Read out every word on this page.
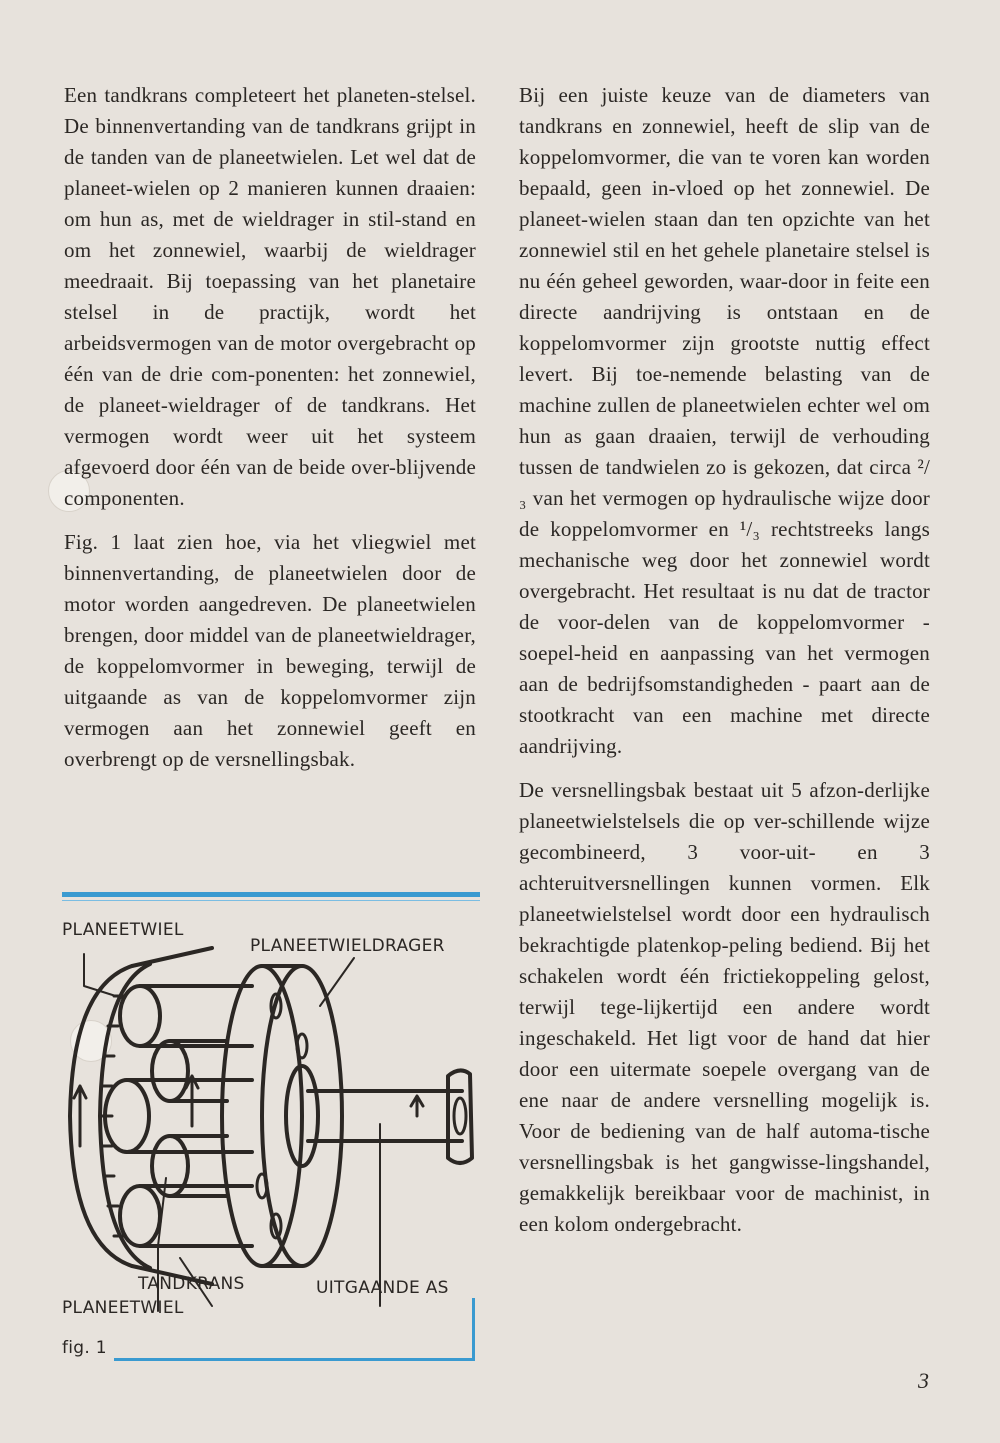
Een tandkrans completeert het planeten-stelsel. De binnenvertanding van de tandkrans grijpt in de tanden van de planeetwielen. Let wel dat de planeet-wielen op 2 manieren kunnen draaien: om hun as, met de wieldrager in stil-stand en om het zonnewiel, waarbij de wieldrager meedraait. Bij toepassing van het planetaire stelsel in de practijk, wordt het arbeidsvermogen van de motor overgebracht op één van de drie com-ponenten: het zonnewiel, de planeet-wieldrager of de tandkrans. Het vermogen wordt weer uit het systeem afgevoerd door één van de beide over-blijvende componenten.

Fig. 1 laat zien hoe, via het vliegwiel met binnenvertanding, de planeetwielen door de motor worden aangedreven. De planeetwielen brengen, door middel van de planeetwieldrager, de koppelomvormer in beweging, terwijl de uitgaande as van de koppelomvormer zijn vermogen aan het zonnewiel geeft en overbrengt op de versnellingsbak.

Bij een juiste keuze van de diameters van tandkrans en zonnewiel, heeft de slip van de koppelomvormer, die van te voren kan worden bepaald, geen in-vloed op het zonnewiel. De planeet-wielen staan dan ten opzichte van het zonnewiel stil en het gehele planetaire stelsel is nu één geheel geworden, waar-door in feite een directe aandrijving is ontstaan en de koppelomvormer zijn grootste nuttig effect levert. Bij toe-nemende belasting van de machine zullen de planeetwielen echter wel om hun as gaan draaien, terwijl de verhouding tussen de tandwielen zo is gekozen, dat circa ²/₃ van het vermogen op hydraulische wijze door de koppelomvormer en ¹/₃ rechtstreeks langs mechanische weg door het zonnewiel wordt overgebracht. Het resultaat is nu dat de tractor de voor-delen van de koppelomvormer - soepel-heid en aanpassing van het vermogen aan de bedrijfsomstandigheden - paart aan de stootkracht van een machine met directe aandrijving.

De versnellingsbak bestaat uit 5 afzon-derlijke planeetwielstelsels die op ver-schillende wijze gecombineerd, 3 voor-uit- en 3 achteruitversnellingen kunnen vormen. Elk planeetwielstelsel wordt door een hydraulisch bekrachtigde platenkop-peling bediend. Bij het schakelen wordt één frictiekoppeling gelost, terwijl tege-lijkertijd een andere wordt ingeschakeld. Het ligt voor de hand dat hier door een uitermate soepele overgang van de ene naar de andere versnelling mogelijk is. Voor de bediening van de half automa-tische versnellingsbak is het gangwisse-lingshandel, gemakkelijk bereikbaar voor de machinist, in een kolom ondergebracht.

PLANEETWIEL
PLANEETWIELDRAGER
TANDKRANS	UITGAANDE AS
PLANEETWIEL
fig. 1
3
